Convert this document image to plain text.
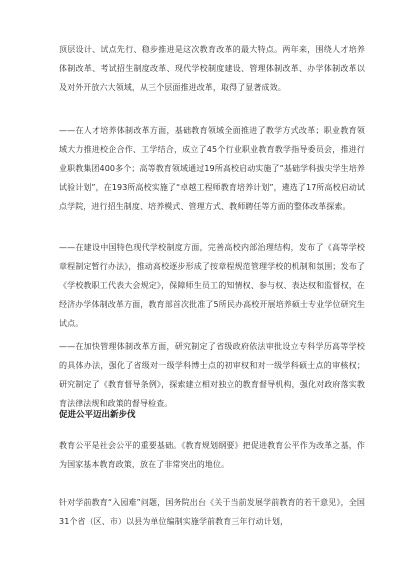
顶层设计、试点先行、稳步推进是这次教育改革的最大特点。两年来，围绕人才培养体制改革、考试招生制度改革、现代学校制度建设、管理体制改革、办学体制改革以及对外开放六大领域，从三个层面推进改革，取得了显著成效。

——在人才培养体制改革方面，基础教育领域全面推进了教学方式改革；职业教育领域大力推进校企合作、工学结合，成立了45个行业职业教育教学指导委员会，推进行业职教集团400多个；高等教育领域通过19所高校启动实施了“基础学科拔尖学生培养试验计划”，在193所高校实施了“卓越工程师教育培养计划”，遴选了17所高校启动试点学院，进行招生制度、培养模式、管理方式、教师聘任等方面的整体改革探索。

——在建设中国特色现代学校制度方面，完善高校内部治理结构，发布了《高等学校章程制定暂行办法》，推动高校逐步形成了按章程规范管理学校的机制和氛围；发布了《学校教职工代表大会规定》，保障师生员工的知情权、参与权、表达权和监督权，在经济办学体制改革方面，教育部首次批准了5所民办高校开展培养硕士专业学位研究生试点。

——在加快管理体制改革方面，研究制定了省级政府依法审批设立专科学历高等学校的具体办法，强化了省级对一级学科博士点的初审权和对一级学科硕士点的审核权；研究制定了《教育督导条例》，探索建立相对独立的教育督导机构，强化对政府落实教育法律法规和政策的督导检查。

促进公平迈出新步伐

教育公平是社会公平的重要基础。《教育规划纲要》把促进教育公平作为改革之基，作为国家基本教育政策，放在了非常突出的地位。

针对学前教育“入园难”问题，国务院出台《关于当前发展学前教育的若干意见》，全国31个省（区、市）以县为单位编制实施学前教育三年行动计划，
